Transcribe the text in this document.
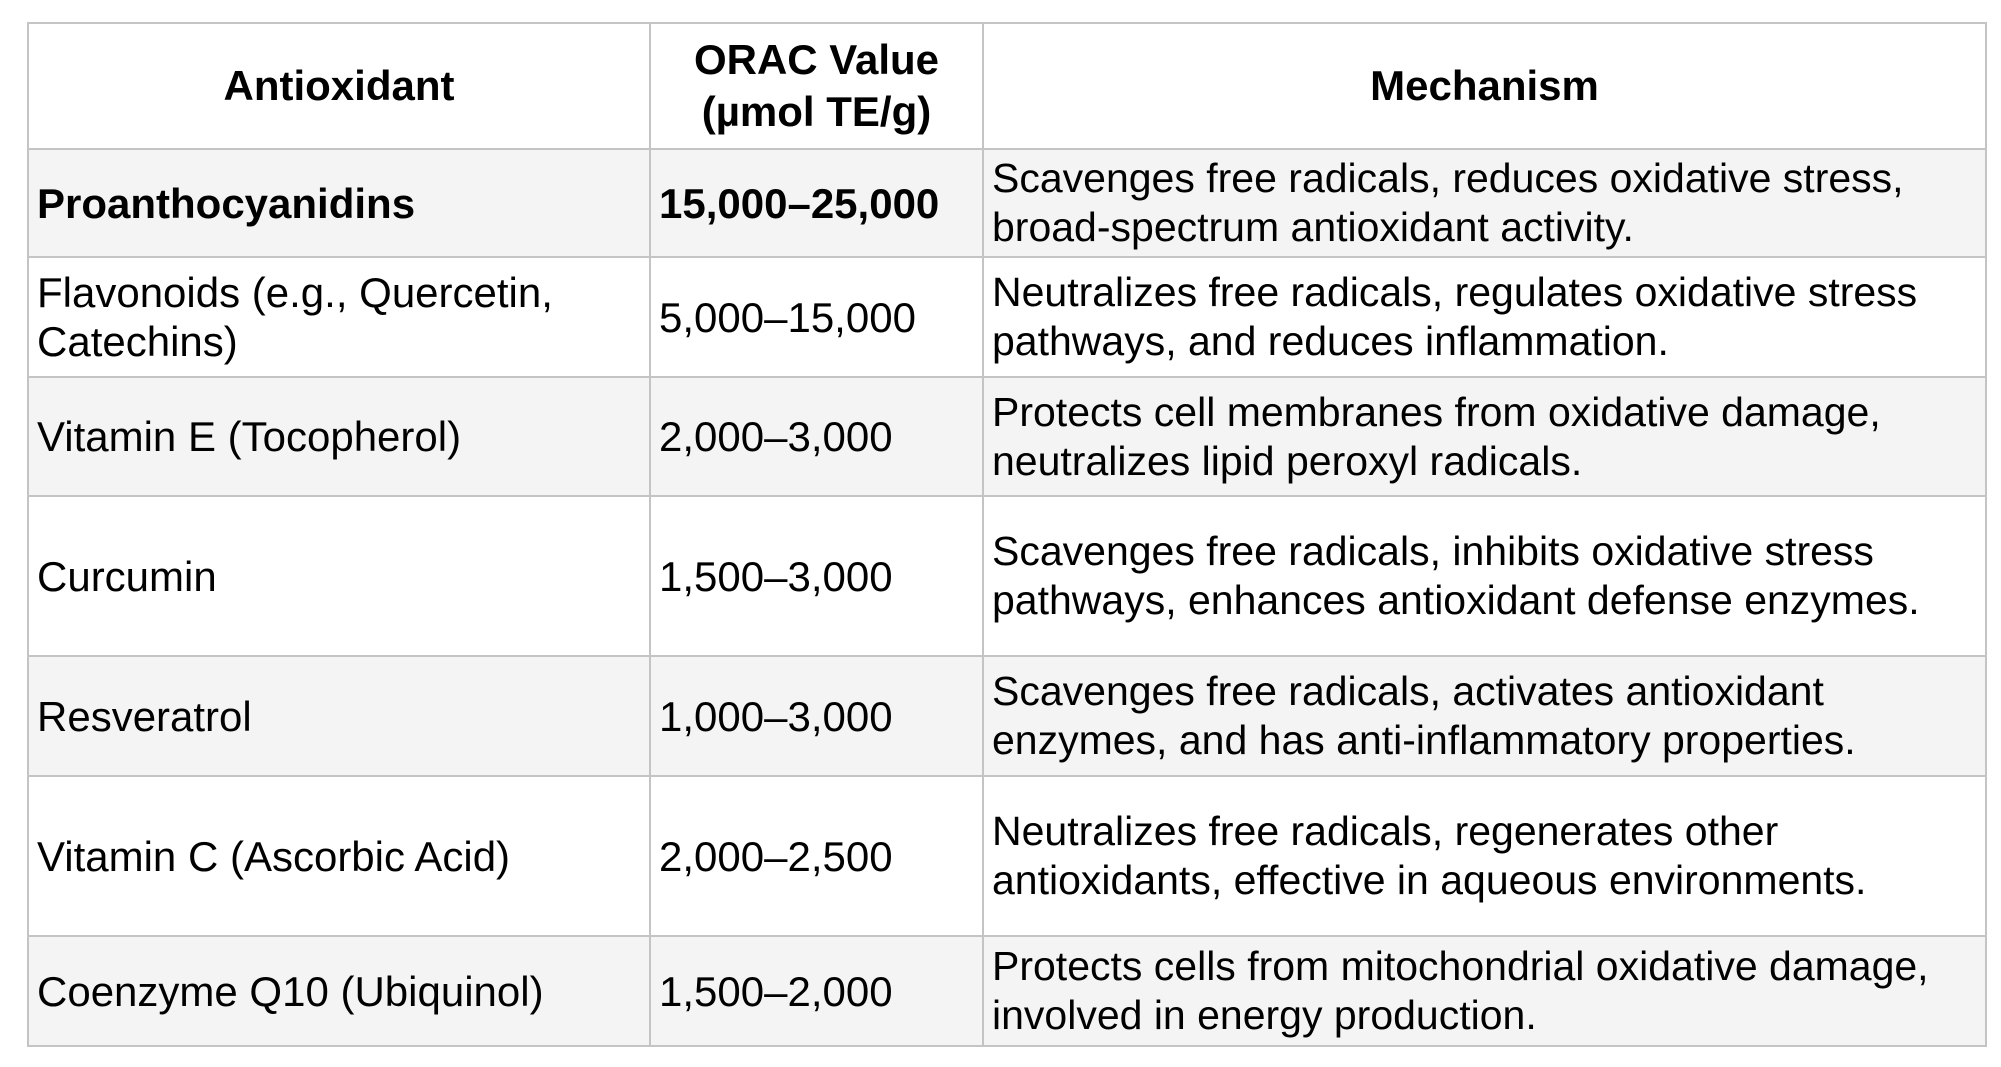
Antioxidant	ORAC Value (µmol TE/g)	Mechanism
Proanthocyanidins	15,000–25,000	Scavenges free radicals, reduces oxidative stress, broad-spectrum antioxidant activity.
Flavonoids (e.g., Quercetin, Catechins)	5,000–15,000	Neutralizes free radicals, regulates oxidative stress pathways, and reduces inflammation.
Vitamin E (Tocopherol)	2,000–3,000	Protects cell membranes from oxidative damage, neutralizes lipid peroxyl radicals.
Curcumin	1,500–3,000	Scavenges free radicals, inhibits oxidative stress pathways, enhances antioxidant defense enzymes.
Resveratrol	1,000–3,000	Scavenges free radicals, activates antioxidant enzymes, and has anti-inflammatory properties.
Vitamin C (Ascorbic Acid)	2,000–2,500	Neutralizes free radicals, regenerates other antioxidants, effective in aqueous environments.
Coenzyme Q10 (Ubiquinol)	1,500–2,000	Protects cells from mitochondrial oxidative damage, involved in energy production.
